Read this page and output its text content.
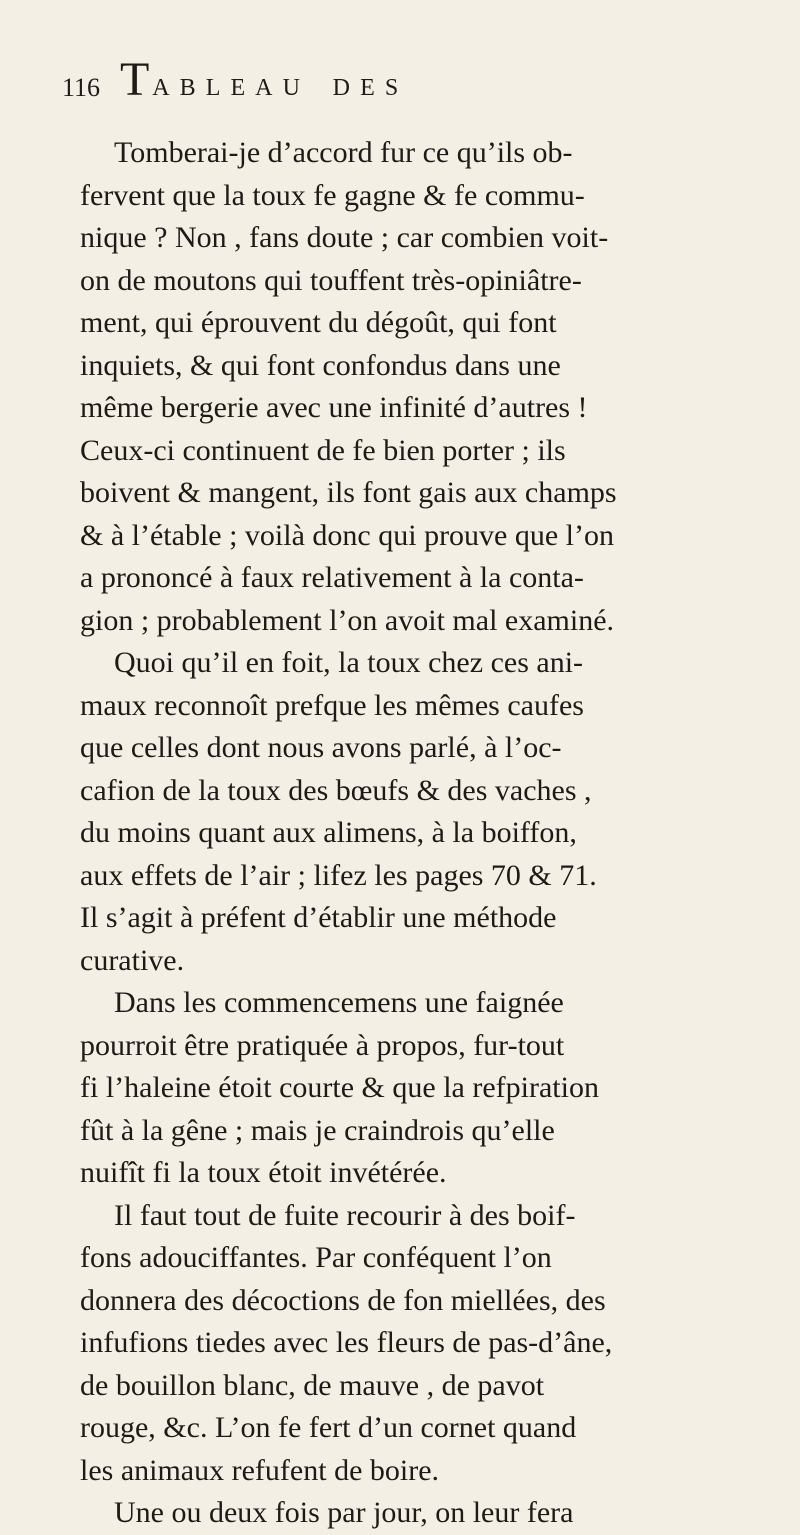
116 TABLEAU DES
Tomberai-je d’accord fur ce qu’ils ob-
fervent que la toux fe gagne & fe commu-
nique ? Non , fans doute ; car combien voit-
on de moutons qui touffent très-opiniâtre-
ment, qui éprouvent du dégoût, qui font
inquiets, & qui font confondus dans une
même bergerie avec une infinité d’autres !
Ceux-ci continuent de fe bien porter ; ils
boivent & mangent, ils font gais aux champs
& à l’étable ; voilà donc qui prouve que l’on
a prononcé à faux relativement à la conta-
gion ; probablement l’on avoit mal examiné.
Quoi qu’il en foit, la toux chez ces ani-
maux reconnoît prefque les mêmes caufes
que celles dont nous avons parlé, à l’oc-
cafion de la toux des bœufs & des vaches ,
du moins quant aux alimens, à la boiffon,
aux effets de l’air ; lifez les pages 70 & 71.
Il s’agit à préfent d’établir une méthode
curative.
Dans les commencemens une faignée
pourroit être pratiquée à propos, fur-tout
fi l’haleine étoit courte & que la refpiration
fût à la gêne ; mais je craindrois qu’elle
nuifît fi la toux étoit invétérée.
Il faut tout de fuite recourir à des boif-
fons adouciffantes. Par conféquent l’on
donnera des décoctions de fon miellées, des
infufions tiedes avec les fleurs de pas-d’âne,
de bouillon blanc, de mauve , de pavot
rouge, &c. L’on fe fert d’un cornet quand
les animaux refufent de boire.
Une ou deux fois par jour, on leur fera
